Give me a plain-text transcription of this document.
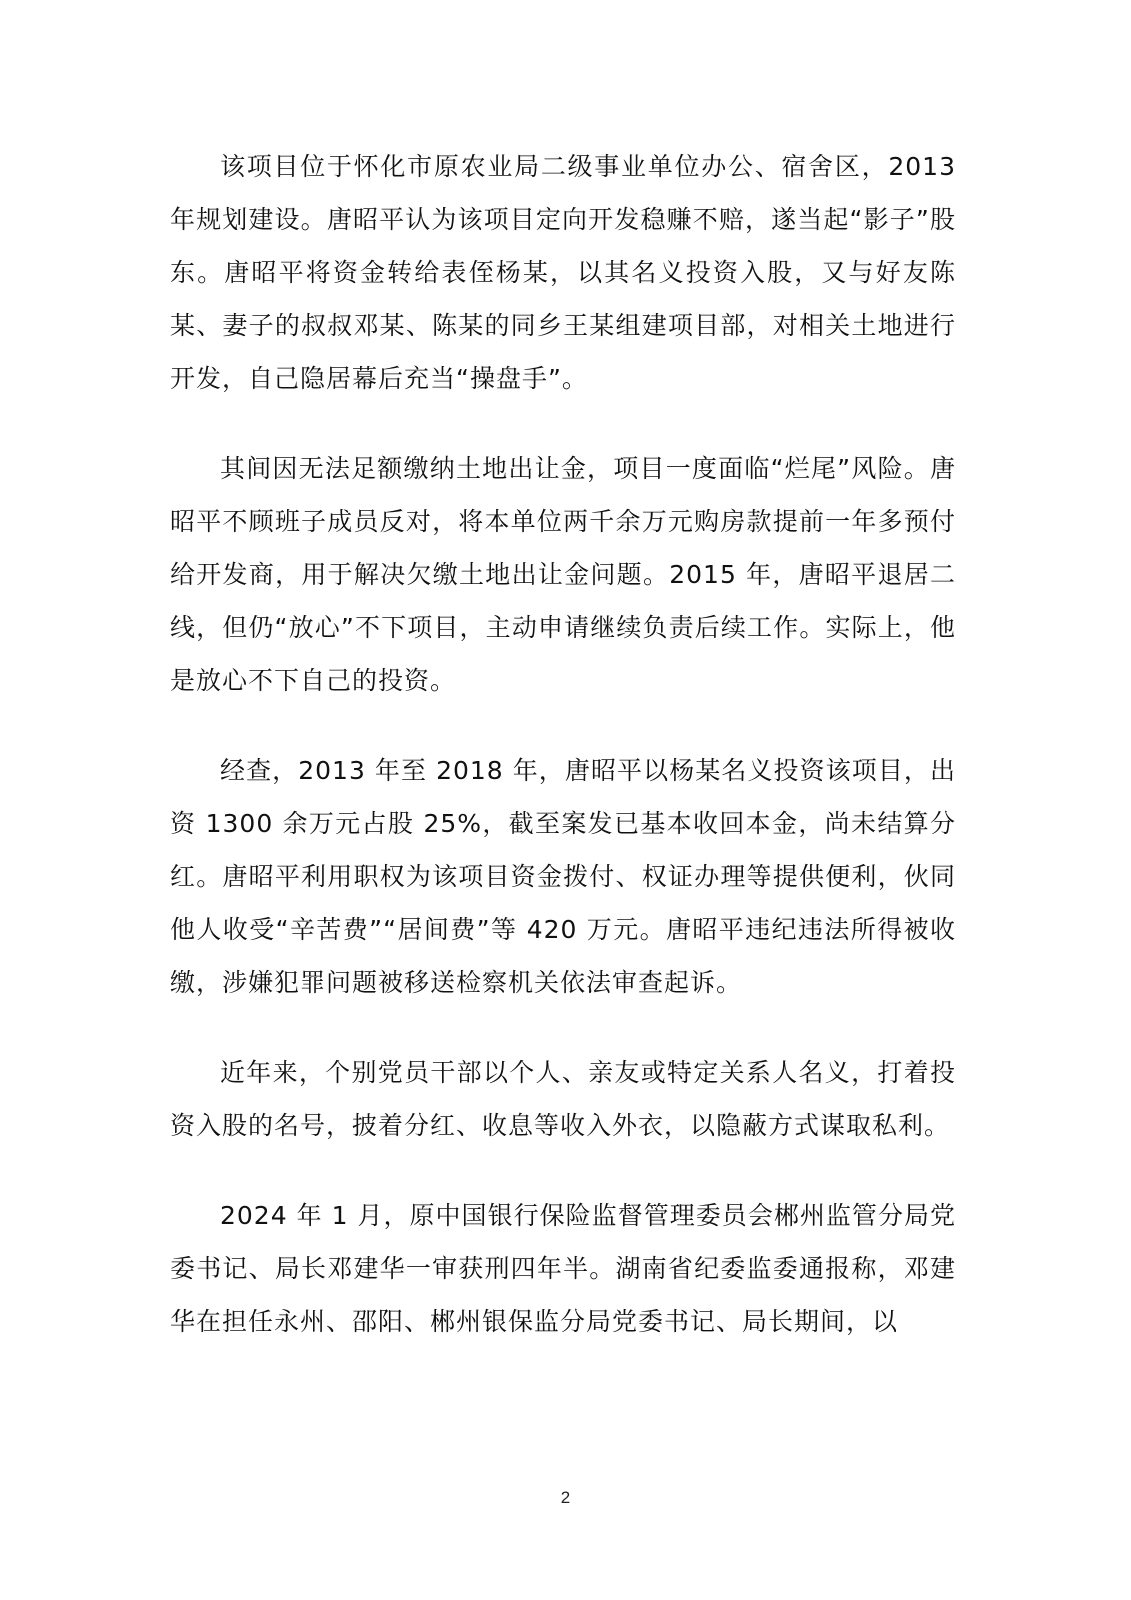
该项目位于怀化市原农业局二级事业单位办公、宿舍区，2013年规划建设。唐昭平认为该项目定向开发稳赚不赔，遂当起“影子”股东。唐昭平将资金转给表侄杨某，以其名义投资入股，又与好友陈某、妻子的叔叔邓某、陈某的同乡王某组建项目部，对相关土地进行开发，自己隐居幕后充当“操盘手”。

其间因无法足额缴纳土地出让金，项目一度面临“烂尾”风险。唐昭平不顾班子成员反对，将本单位两千余万元购房款提前一年多预付给开发商，用于解决欠缴土地出让金问题。2015 年，唐昭平退居二线，但仍“放心”不下项目，主动申请继续负责后续工作。实际上，他是放心不下自己的投资。

经查，2013 年至 2018 年，唐昭平以杨某名义投资该项目，出资 1300 余万元占股 25%，截至案发已基本收回本金，尚未结算分红。唐昭平利用职权为该项目资金拨付、权证办理等提供便利，伙同他人收受“辛苦费”“居间费”等 420 万元。唐昭平违纪违法所得被收缴，涉嫌犯罪问题被移送检察机关依法审查起诉。

近年来，个别党员干部以个人、亲友或特定关系人名义，打着投资入股的名号，披着分红、收息等收入外衣，以隐蔽方式谋取私利。

2024 年 1 月，原中国银行保险监督管理委员会郴州监管分局党委书记、局长邓建华一审获刑四年半。湖南省纪委监委通报称，邓建华在担任永州、邵阳、郴州银保监分局党委书记、局长期间，以

2
